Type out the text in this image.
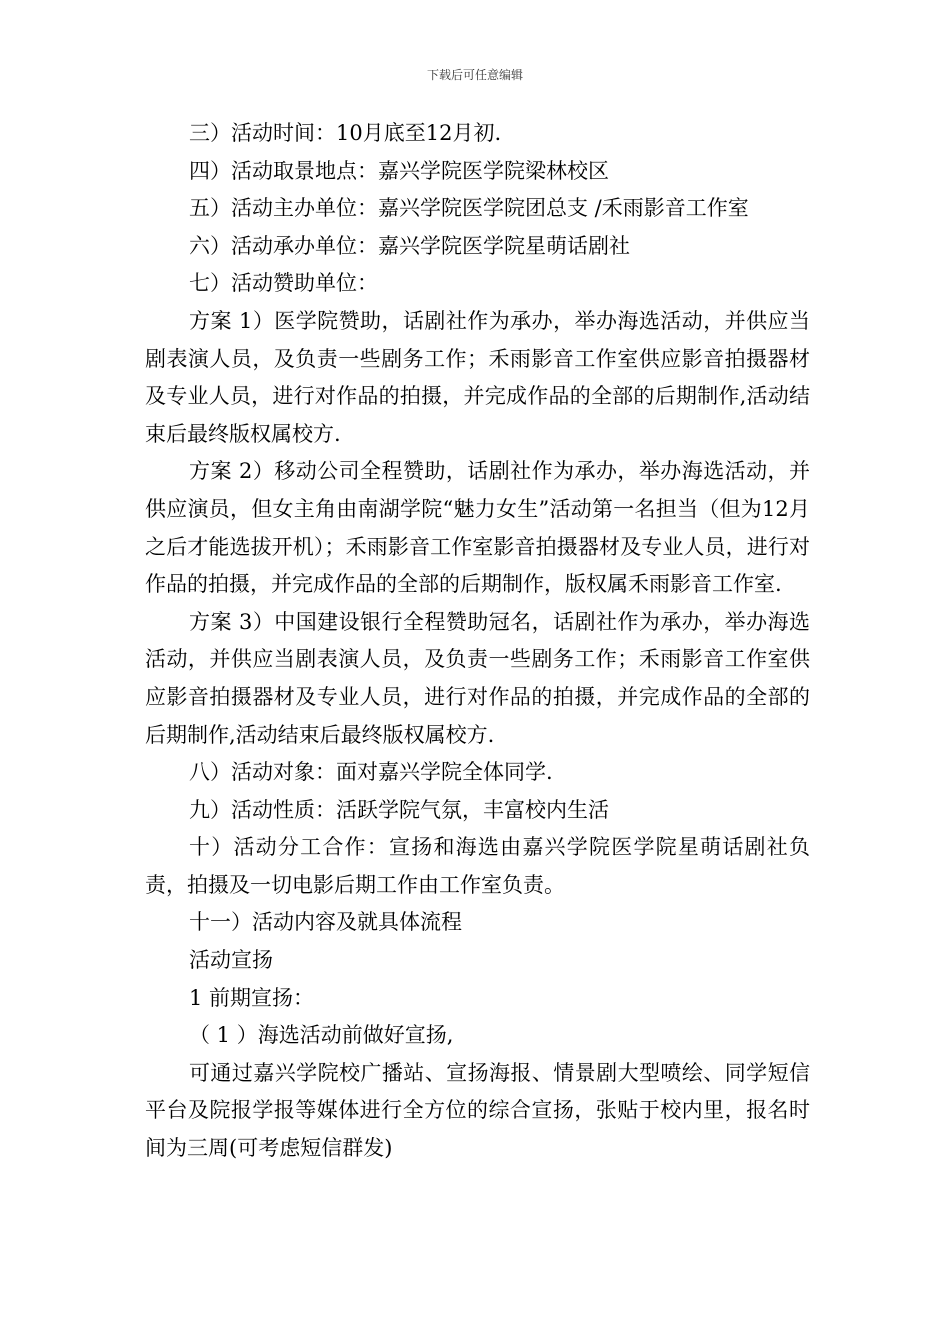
下载后可任意编辑

三）活动时间：10月底至12月初.

四）活动取景地点：嘉兴学院医学院梁林校区

五）活动主办单位：嘉兴学院医学院团总支 /禾雨影音工作室

六）活动承办单位：嘉兴学院医学院星萌话剧社

七）活动赞助单位：

方案 1）医学院赞助，话剧社作为承办，举办海选活动，并供应当剧表演人员，及负责一些剧务工作；禾雨影音工作室供应影音拍摄器材及专业人员，进行对作品的拍摄，并完成作品的全部的后期制作,活动结束后最终版权属校方.

方案 2）移动公司全程赞助，话剧社作为承办，举办海选活动，并供应演员，但女主角由南湖学院“魅力女生”活动第一名担当（但为12月之后才能选拔开机）；禾雨影音工作室影音拍摄器材及专业人员，进行对作品的拍摄，并完成作品的全部的后期制作，版权属禾雨影音工作室.

方案 3）中国建设银行全程赞助冠名，话剧社作为承办，举办海选活动，并供应当剧表演人员，及负责一些剧务工作；禾雨影音工作室供应影音拍摄器材及专业人员，进行对作品的拍摄，并完成作品的全部的后期制作,活动结束后最终版权属校方.

八）活动对象：面对嘉兴学院全体同学.

九）活动性质：活跃学院气氛，丰富校内生活

十）活动分工合作：宣扬和海选由嘉兴学院医学院星萌话剧社负责，拍摄及一切电影后期工作由工作室负责。

十一）活动内容及就具体流程

活动宣扬

1 前期宣扬：

（ 1 ）海选活动前做好宣扬,

可通过嘉兴学院校广播站、宣扬海报、情景剧大型喷绘、同学短信平台及院报学报等媒体进行全方位的综合宣扬，张贴于校内里，报名时间为三周(可考虑短信群发)
